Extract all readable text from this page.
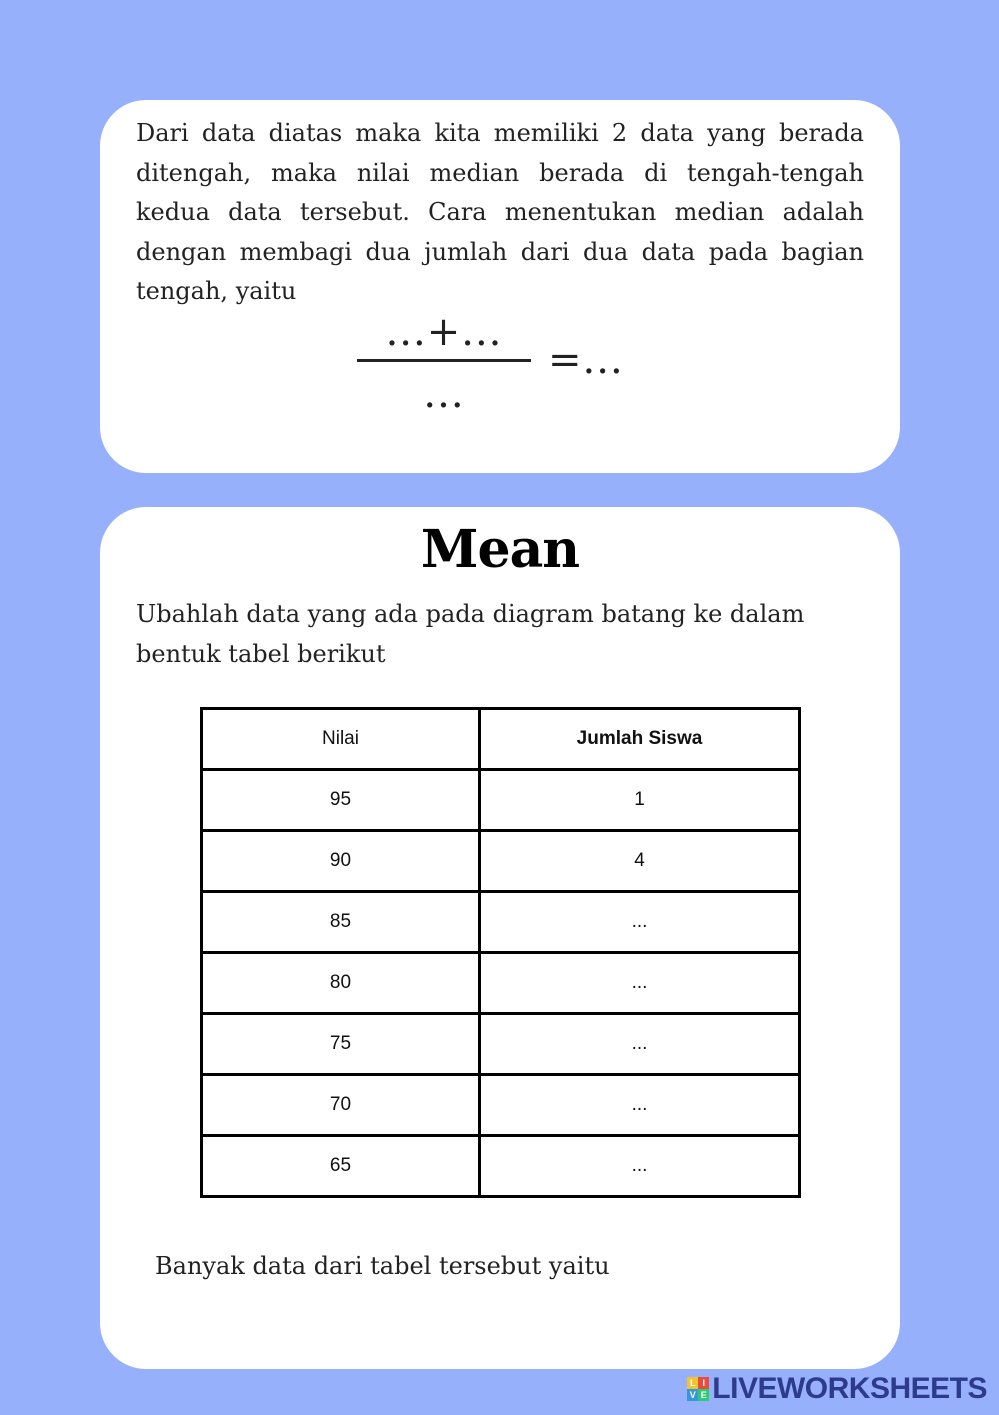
Dari data diatas maka kita memiliki 2 data yang berada ditengah, maka nilai median berada di tengah-tengah kedua data tersebut. Cara menentukan median adalah dengan membagi dua jumlah dari dua data pada bagian tengah, yaitu
...+...
...
=...
Mean
Ubahlah data yang ada pada diagram batang ke dalam bentuk tabel berikut
Nilai	Jumlah Siswa
95	1
90	4
85	...
80	...
75	...
70	...
65	...
Banyak data dari tabel tersebut yaitu
L I
V E LIVEWORKSHEETS
